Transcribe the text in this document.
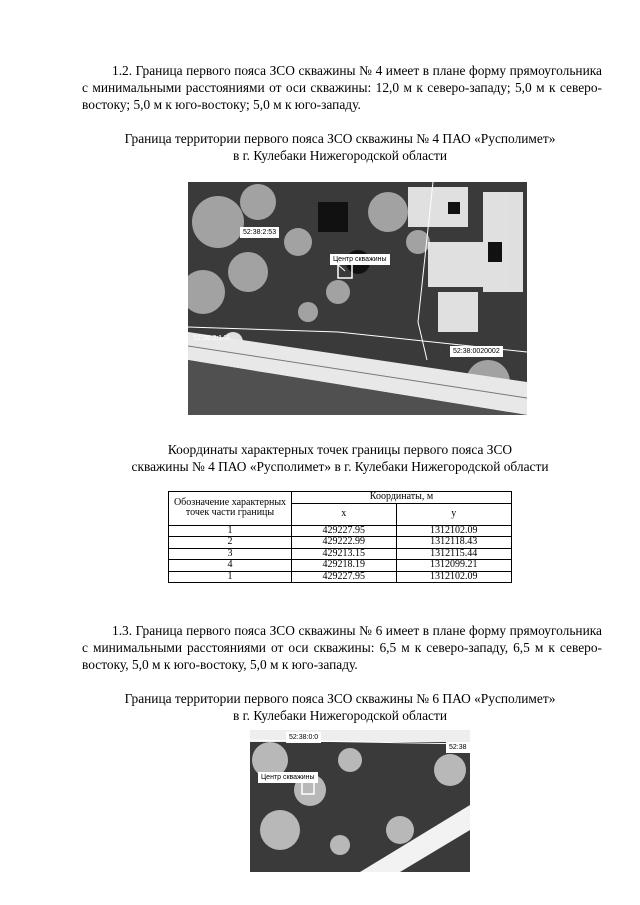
1.2. Граница первого пояса ЗСО скважины № 4 имеет в плане форму прямоугольника с минимальными расстояниями от оси скважины: 12,0 м к северо-западу; 5,0 м к северо-востоку; 5,0 м к юго-востоку; 5,0 м к юго-западу.
Граница территории первого пояса ЗСО скважины № 4 ПАО «Русполимет»
в г. Кулебаки Нижегородской области
52:38:2:53
Центр скважины
52:38:2:148
52:38:0020002
Координаты характерных точек границы первого пояса ЗСО
скважины № 4 ПАО «Русполимет» в г. Кулебаки Нижегородской области
Обозначение характерных точек части границы	Координаты, м	
	х	у
1	429227.95	1312102.09
2	429222.99	1312118.43
3	429213.15	1312115.44
4	429218.19	1312099.21
1	429227.95	1312102.09
1.3. Граница первого пояса ЗСО скважины № 6 имеет в плане форму прямоугольника с минимальными расстояниями от оси скважины: 6,5 м к северо-западу, 6,5 м к северо-востоку, 5,0 м к юго-востоку, 5,0 м к юго-западу.
Граница территории первого пояса ЗСО скважины № 6 ПАО «Русполимет»
в г. Кулебаки Нижегородской области
52:38:0:0
52:38
Центр скважины
